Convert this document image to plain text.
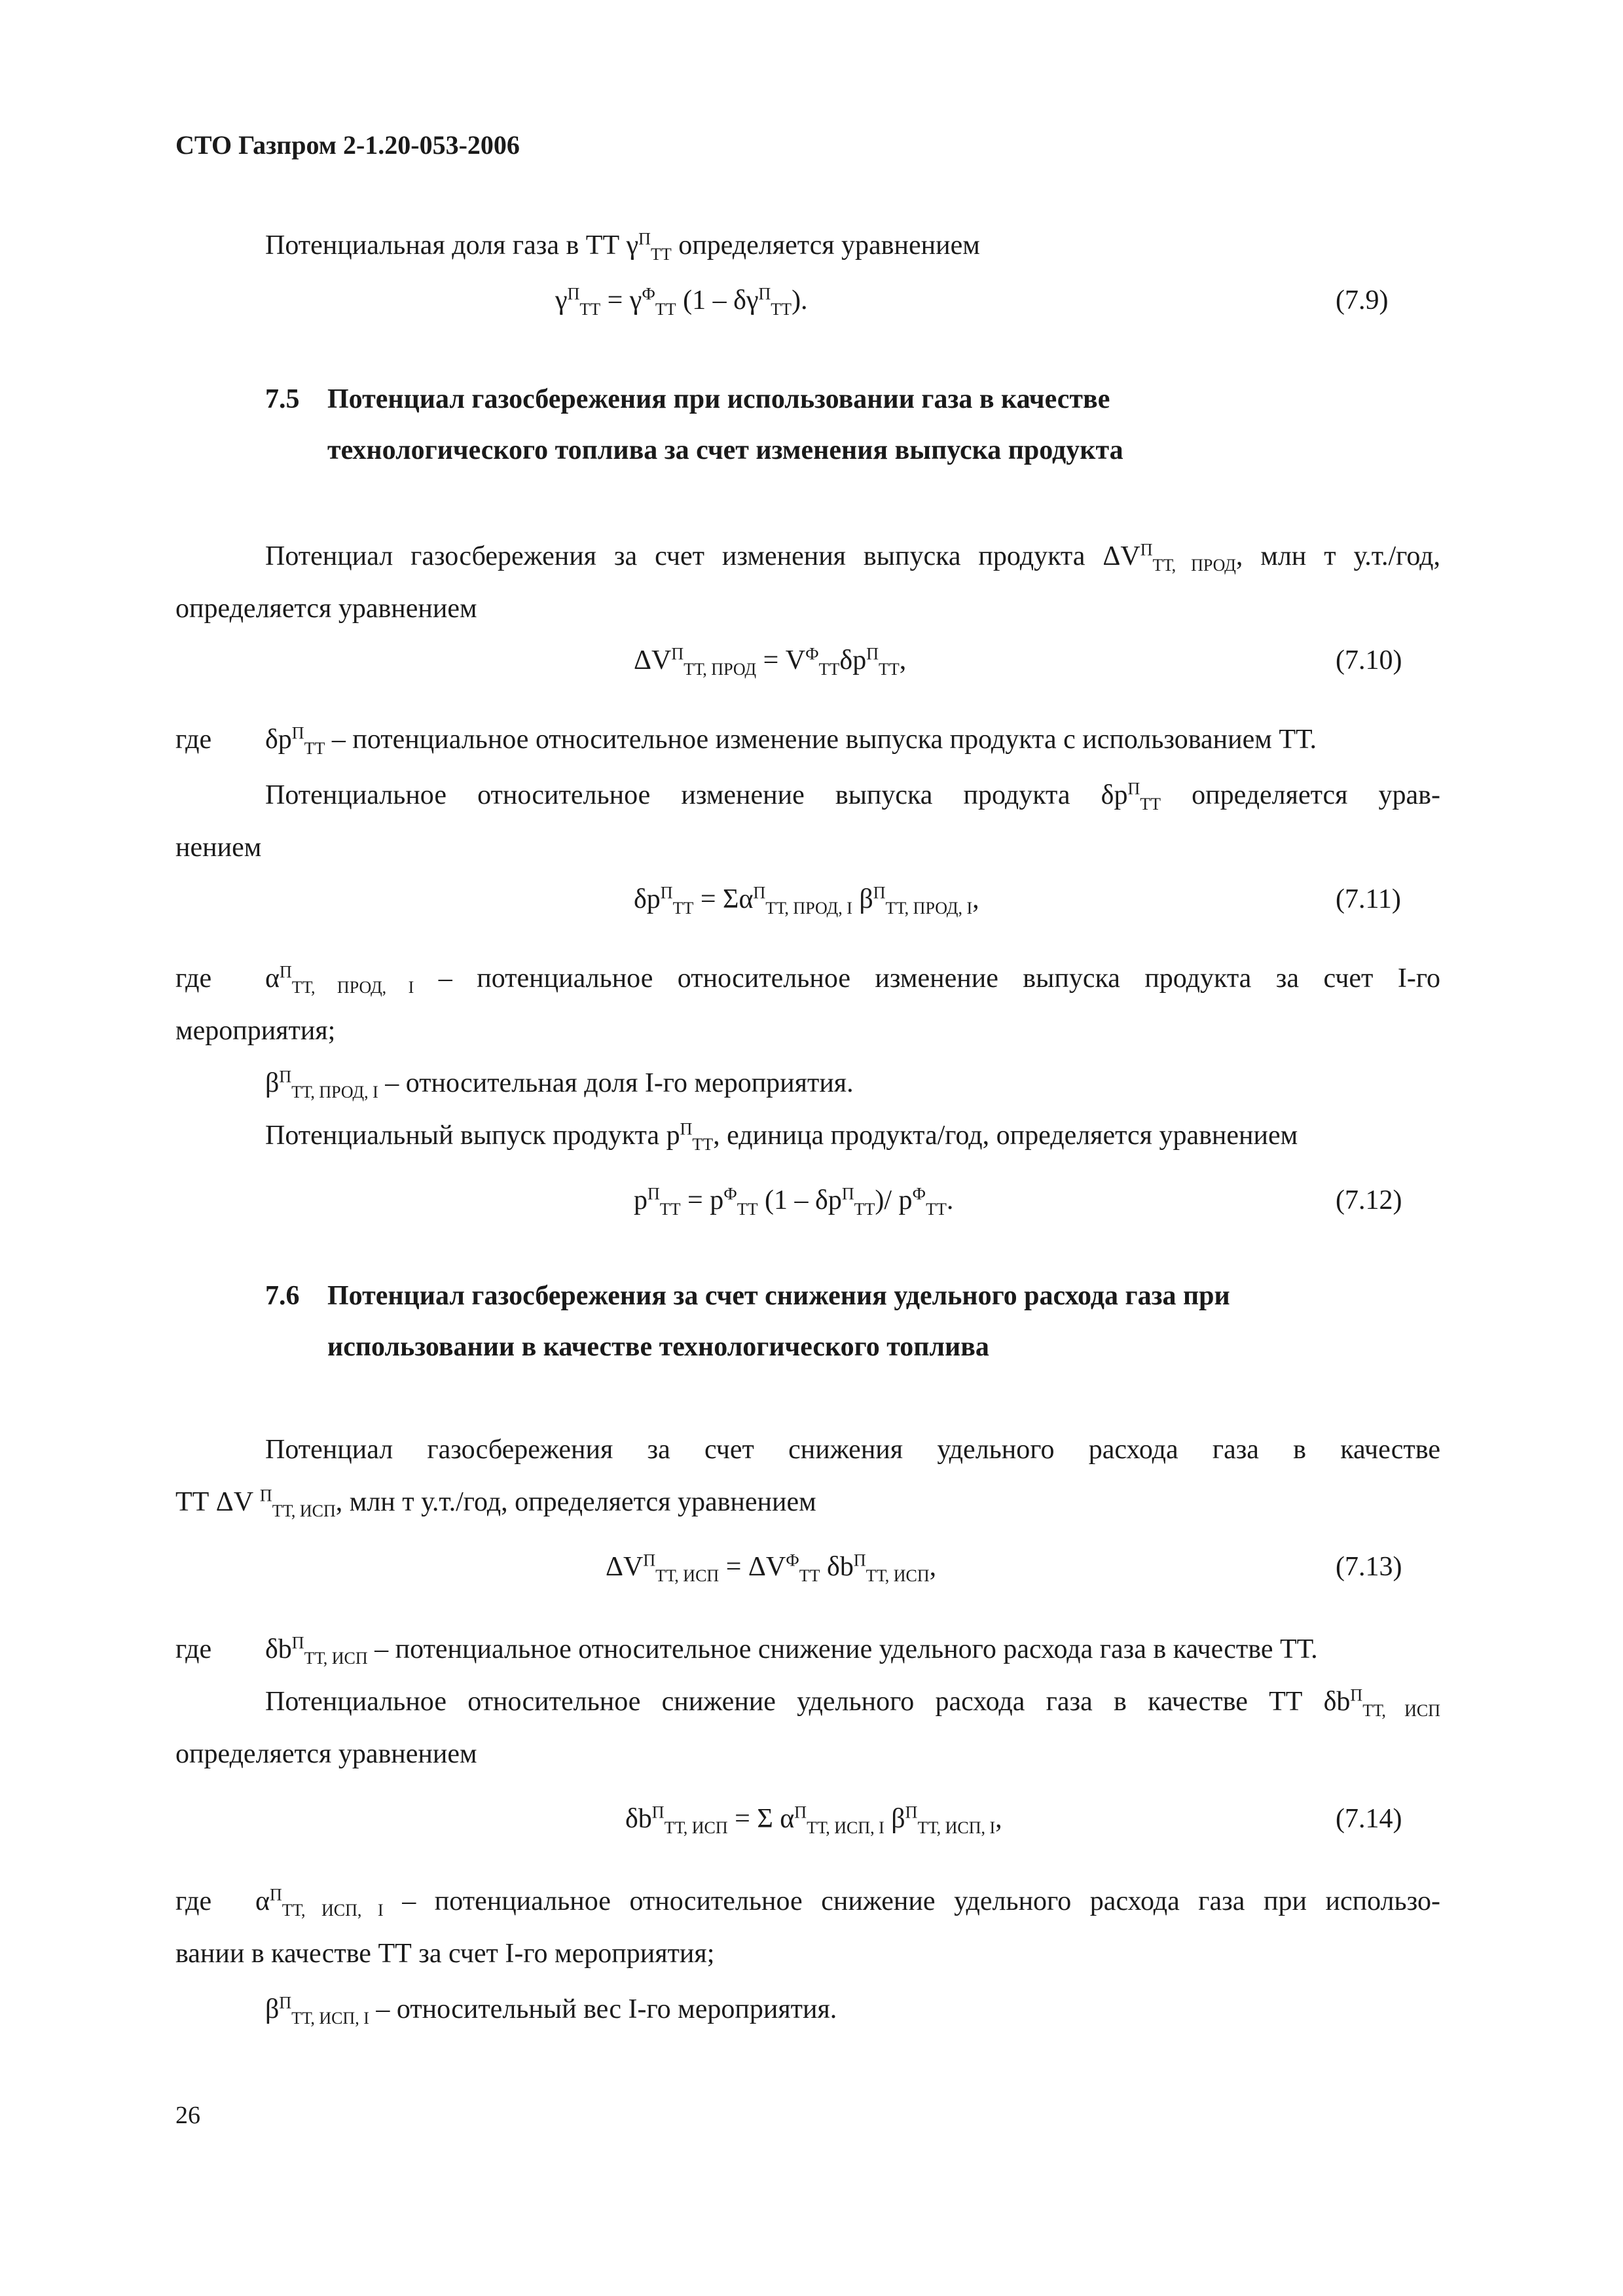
СТО Газпром 2-1.20-053-2006
Потенциальная доля газа в ТТ $\gamma^П_{ТТ}$ определяется уравнением
$\gamma^П_{ТТ} = \gamma^Ф_{ТТ}$ $(1 - \delta\gamma^П_{ТТ})$.	(7.9)
7.5 Потенциал газосбережения при использовании газа в качестве
технологического топлива за счет изменения выпуска продукта
Потенциал газосбережения за счет изменения выпуска продукта $\Delta V^П_{ТТ, ПРОД}$, млн т у.т./год,
определяется уравнением
$\Delta V^П_{ТТ, ПРОД} = V^Ф_{ТТ}\delta p^П_{ТТ}$,	(7.10)
где $\delta p^П_{ТТ}$ – потенциальное относительное изменение выпуска продукта с использованием ТТ.
Потенциальное относительное изменение выпуска продукта $\delta p^П_{ТТ}$ определяется урав-
нением
$\delta p^П_{ТТ} = \Sigma\alpha^П_{ТТ, ПРОД, I}$ $\beta^П_{ТТ, ПРОД, I}$,	(7.11)
где $\alpha^П_{ТТ, ПРОД, I}$ – потенциальное относительное изменение выпуска продукта за счет I-го
мероприятия;
$\beta^П_{ТТ, ПРОД, I}$ – относительная доля I-го мероприятия.
Потенциальный выпуск продукта $p^П_{ТТ}$, единица продукта/год, определяется уравнением
$p^П_{ТТ} = p^Ф_{ТТ}$ $(1 - \delta p^П_{ТТ})/$ $p^Ф_{ТТ}$.	(7.12)
7.6 Потенциал газосбережения за счет снижения удельного расхода газа при
использовании в качестве технологического топлива
Потенциал газосбережения за счет снижения удельного расхода газа в качестве
ТТ ΔV $^П_{ТТ, ИСП}$, млн т у.т./год, определяется уравнением
$\Delta V^П_{ТТ, ИСП} = \Delta V^Ф_{ТТ}$ $\delta b^П_{ТТ, ИСП}$,	(7.13)
где $\delta b^П_{ТТ, ИСП}$ – потенциальное относительное снижение удельного расхода газа в качестве ТТ.
Потенциальное относительное снижение удельного расхода газа в качестве ТТ $\delta b^П_{ТТ, ИСП}$
определяется уравнением
$\delta b^П_{ТТ, ИСП} = \Sigma$ $\alpha^П_{ТТ, ИСП, I}$ $\beta^П_{ТТ, ИСП, I}$,	(7.14)
где $\alpha^П_{ТТ, ИСП, I}$ – потенциальное относительное снижение удельного расхода газа при использо-
вании в качестве ТТ за счет I-го мероприятия;
$\beta^П_{ТТ, ИСП, I}$ – относительный вес I-го мероприятия.
26
